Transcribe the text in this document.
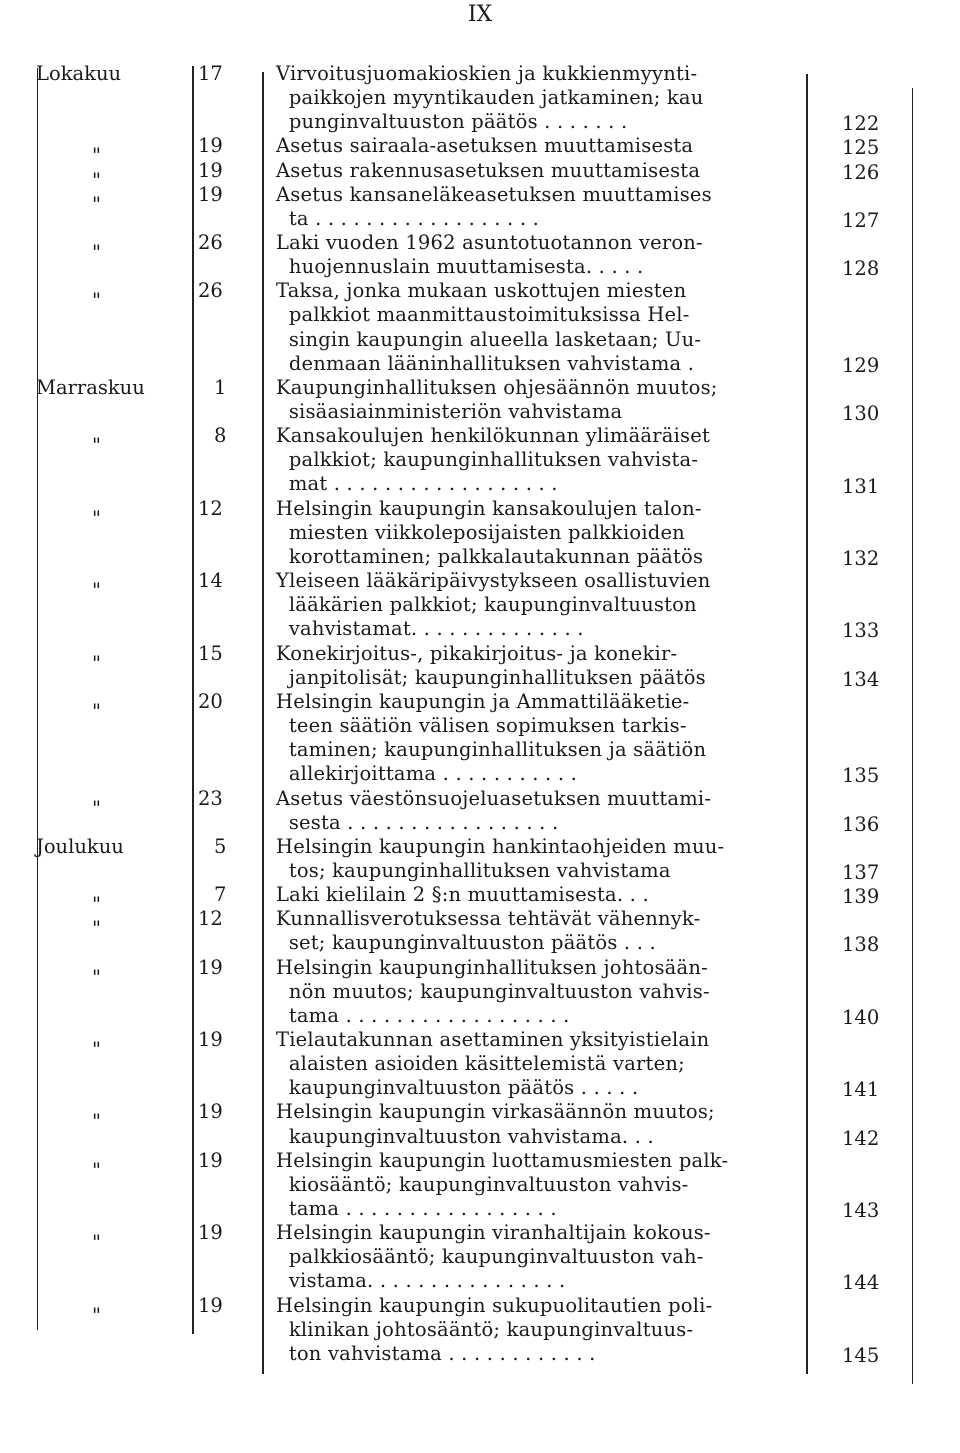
IX
Lokakuu	17	Virvoitusjuomakioskien ja kukkienmyynti-
paikkojen myyntikauden jatkaminen; kau
punginvaltuuston päätös . . . . . . .	122
"	19	Asetus sairaala-asetuksen muuttamisesta	125
"	19	Asetus rakennusasetuksen muuttamisesta	126
"	19	Asetus kansaneläkeasetuksen muuttamises
ta . . . . . . . . . . . . . . . . . .	127
"	26	Laki vuoden 1962 asuntotuotannon veron-
huojennuslain muuttamisesta. . . . .	128
"	26	Taksa, jonka mukaan uskottujen miesten
palkkiot maanmittaustoimituksissa Hel-
singin kaupungin alueella lasketaan; Uu-
denmaan lääninhallituksen vahvistama .	129
Marraskuu	1	Kaupunginhallituksen ohjesäännön muutos;
sisäasiainministeriön vahvistama	130
"	8	Kansakoulujen henkilökunnan ylimääräiset
palkkiot; kaupunginhallituksen vahvista-
mat . . . . . . . . . . . . . . . . . .	131
"	12	Helsingin kaupungin kansakoulujen talon-
miesten viikkoleposijaisten palkkioiden
korottaminen; palkkalautakunnan päätös	132
"	14	Yleiseen lääkäripäivystykseen osallistuvien
lääkärien palkkiot; kaupunginvaltuuston
vahvistamat. . . . . . . . . . . . . .	133
"	15	Konekirjoitus-, pikakirjoitus- ja konekir-
janpitolisät; kaupunginhallituksen päätös	134
"	20	Helsingin kaupungin ja Ammattilääketie-
teen säätiön välisen sopimuksen tarkis-
taminen; kaupunginhallituksen ja säätiön
allekirjoittama . . . . . . . . . . .	135
"	23	Asetus väestönsuojeluasetuksen muuttami-
sesta . . . . . . . . . . . . . . . . .	136
Joulukuu	5	Helsingin kaupungin hankintaohjeiden muu-
tos; kaupunginhallituksen vahvistama	137
"	7	Laki kielilain 2 §:n muuttamisesta. . .	139
"	12	Kunnallisverotuksessa tehtävät vähennyk-
set; kaupunginvaltuuston päätös . . .	138
"	19	Helsingin kaupunginhallituksen johtosään-
nön muutos; kaupunginvaltuuston vahvis-
tama . . . . . . . . . . . . . . . . . .	140
"	19	Tielautakunnan asettaminen yksityistielain
alaisten asioiden käsittelemistä varten;
kaupunginvaltuuston päätös . . . . .	141
"	19	Helsingin kaupungin virkasäännön muutos;
kaupunginvaltuuston vahvistama. . .	142
"	19	Helsingin kaupungin luottamusmiesten palk-
kiosääntö; kaupunginvaltuuston vahvis-
tama . . . . . . . . . . . . . . . . .	143
"	19	Helsingin kaupungin viranhaltijain kokous-
palkkiosääntö; kaupunginvaltuuston vah-
vistama. . . . . . . . . . . . . . . .	144
"	19	Helsingin kaupungin sukupuolitautien poli-
klinikan johtosääntö; kaupunginvaltuus-
ton vahvistama . . . . . . . . . . . .	145
